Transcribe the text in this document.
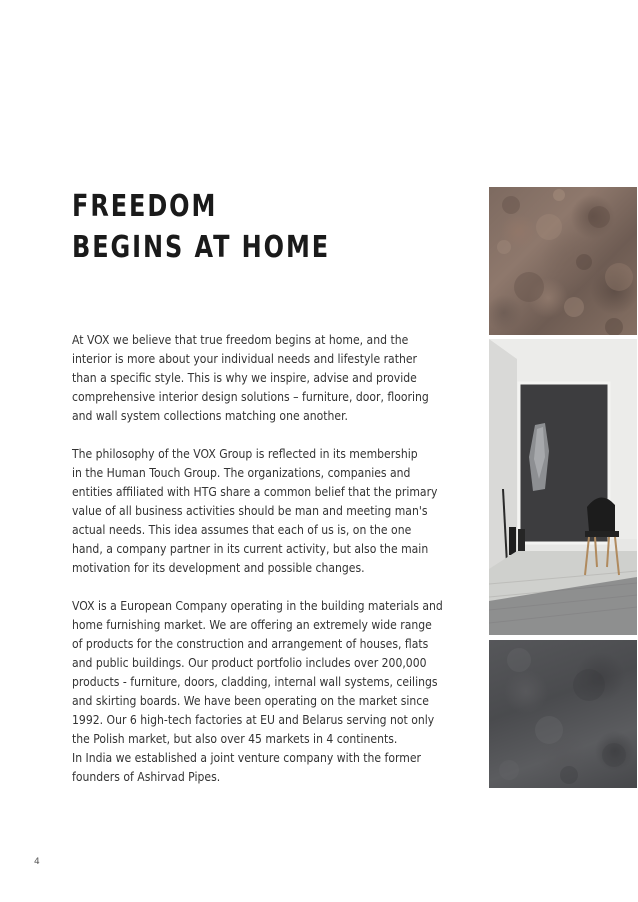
FREEDOM
BEGINS AT HOME

At VOX we believe that true freedom begins at home, and the
interior is more about your individual needs and lifestyle rather
than a specific style. This is why we inspire, advise and provide
comprehensive interior design solutions – furniture, door, flooring
and wall system collections matching one another.

The philosophy of the VOX Group is reflected in its membership
in the Human Touch Group. The organizations, companies and
entities affiliated with HTG share a common belief that the primary
value of all business activities should be man and meeting man's
actual needs. This idea assumes that each of us is, on the one
hand, a company partner in its current activity, but also the main
motivation for its development and possible changes.

VOX is a European Company operating in the building materials and
home furnishing market. We are offering an extremely wide range
of products for the construction and arrangement of houses, flats
and public buildings. Our product portfolio includes over 200,000
products - furniture, doors, cladding, internal wall systems, ceilings
and skirting boards. We have been operating on the market since
1992. Our 6 high-tech factories at EU and Belarus serving not only
the Polish market, but also over 45 markets in 4 continents.
In India we established a joint venture company with the former
founders of Ashirvad Pipes.

4
